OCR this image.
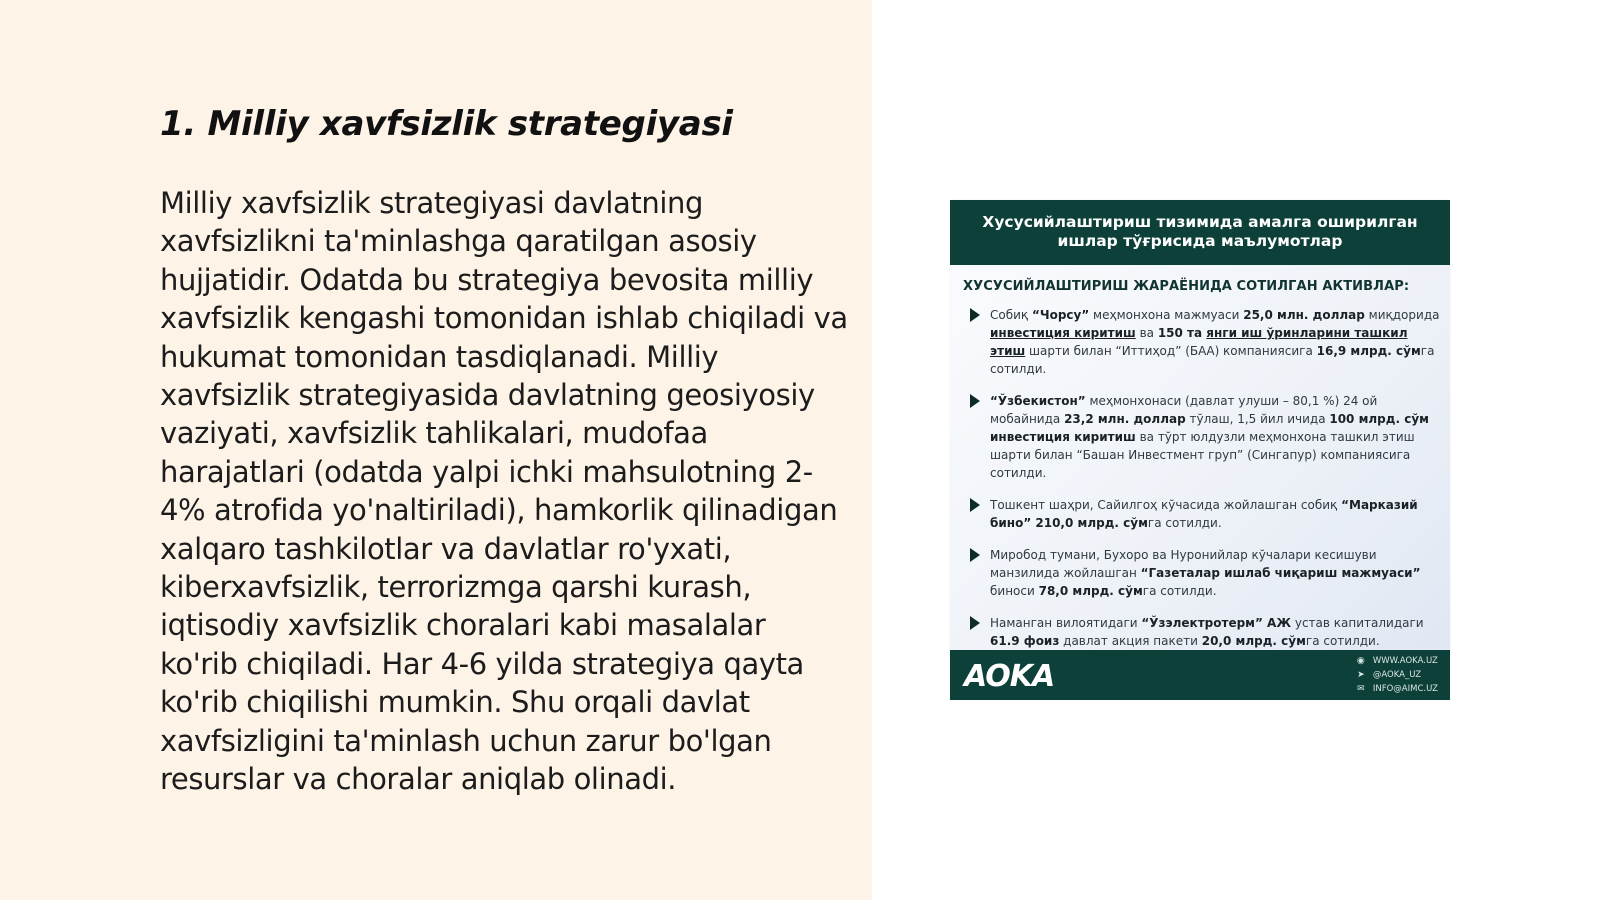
1. Milliy xavfsizlik strategiyasi

Milliy xavfsizlik strategiyasi davlatning xavfsizlikni ta'minlashga qaratilgan asosiy hujjatidir. Odatda bu strategiya bevosita milliy xavfsizlik kengashi tomonidan ishlab chiqiladi va hukumat tomonidan tasdiqlanadi. Milliy xavfsizlik strategiyasida davlatning geosiyosiy vaziyati, xavfsizlik tahlikalari, mudofaa harajatlari (odatda yalpi ichki mahsulotning 2-4% atrofida yo'naltiriladi), hamkorlik qilinadigan xalqaro tashkilotlar va davlatlar ro'yxati, kiberxavfsizlik, terrorizmga qarshi kurash, iqtisodiy xavfsizlik choralari kabi masalalar ko'rib chiqiladi. Har 4-6 yilda strategiya qayta ko'rib chiqilishi mumkin. Shu orqali davlat xavfsizligini ta'minlash uchun zarur bo'lgan resurslar va choralar aniqlab olinadi.

Хусусийлаштириш тизимида амалга оширилган
ишлар тўғрисида маълумотлар
ХУСУСИЙЛАШТИРИШ ЖАРАЁНИДА СОТИЛГАН АКТИВЛАР:
Собиқ “Чорсу” меҳмонхона мажмуаси 25,0 млн. доллар миқдорида инвестиция киритиш ва 150 та янги иш ўринларини ташкил этиш шарти билан “Иттиҳод” (БАА) компаниясига 16,9 млрд. сўмга сотилди.
“Ўзбекистон” меҳмонхонаси (давлат улуши – 80,1 %) 24 ой мобайнида 23,2 млн. доллар тўлаш, 1,5 йил ичида 100 млрд. сўм инвестиция киритиш ва тўрт юлдузли меҳмонхона ташкил этиш шарти билан “Башан Инвестмент груп” (Сингапур) компаниясига сотилди.
Тошкент шаҳри, Сайилгоҳ кўчасида жойлашган собиқ “Марказий бино” 210,0 млрд. сўмга сотилди.
Миробод тумани, Бухоро ва Нуронийлар кўчалари кесишуви манзилида жойлашган “Газеталар ишлаб чиқариш мажмуаси” биноси 78,0 млрд. сўмга сотилди.
Наманган вилоятидаги “Ўзэлектротерм” АЖ устав капиталидаги 61.9 фоиз давлат акция пакети 20,0 млрд. сўмга сотилди.
AOKA	◉ WWW.AOKA.UZ
➤ @AOKA_UZ
✉ INFO@AIMC.UZ
